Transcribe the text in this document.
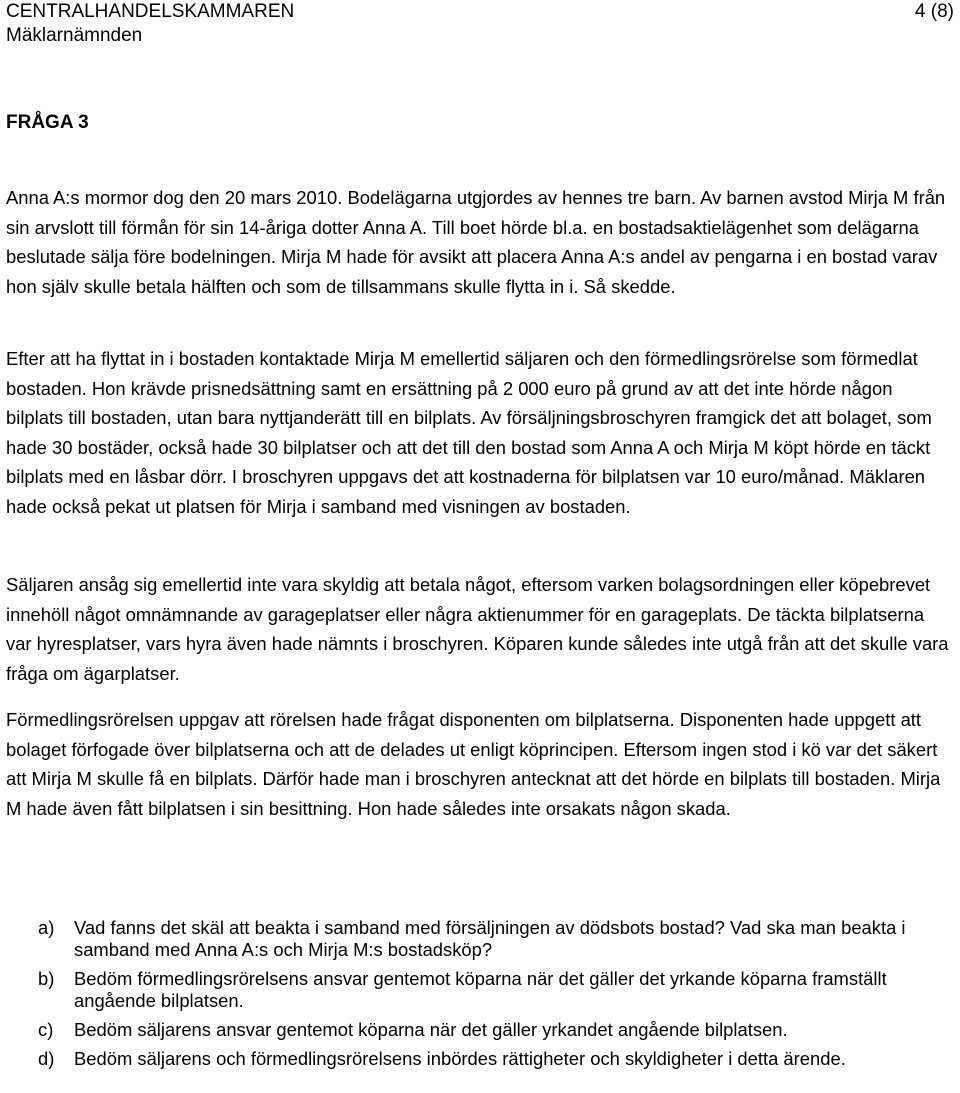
CENTRALHANDELSKAMMAREN
Mäklarnämnden
4 (8)
FRÅGA 3

Anna A:s mormor dog den 20 mars 2010. Bodelägarna utgjordes av hennes tre barn. Av barnen avstod Mirja M från sin arvslott till förmån för sin 14-åriga dotter Anna A. Till boet hörde bl.a. en bostadsaktielägenhet som delägarna beslutade sälja före bodelningen. Mirja M hade för avsikt att placera Anna A:s andel av pengarna i en bostad varav hon själv skulle betala hälften och som de tillsammans skulle flytta in i. Så skedde.

Efter att ha flyttat in i bostaden kontaktade Mirja M emellertid säljaren och den förmedlingsrörelse som förmedlat bostaden. Hon krävde prisnedsättning samt en ersättning på 2 000 euro på grund av att det inte hörde någon bilplats till bostaden, utan bara nyttjanderätt till en bilplats. Av försäljningsbroschyren framgick det att bolaget, som hade 30 bostäder, också hade 30 bilplatser och att det till den bostad som Anna A och Mirja M köpt hörde en täckt bilplats med en låsbar dörr. I broschyren uppgavs det att kostnaderna för bilplatsen var 10 euro/månad. Mäklaren hade också pekat ut platsen för Mirja i samband med visningen av bostaden.

Säljaren ansåg sig emellertid inte vara skyldig att betala något, eftersom varken bolagsordningen eller köpebrevet innehöll något omnämnande av garageplatser eller några aktienummer för en garageplats. De täckta bilplatserna var hyresplatser, vars hyra även hade nämnts i broschyren. Köparen kunde således inte utgå från att det skulle vara fråga om ägarplatser.

Förmedlingsrörelsen uppgav att rörelsen hade frågat disponenten om bilplatserna. Disponenten hade uppgett att bolaget förfogade över bilplatserna och att de delades ut enligt köprincipen. Eftersom ingen stod i kö var det säkert att Mirja M skulle få en bilplats. Därför hade man i broschyren antecknat att det hörde en bilplats till bostaden. Mirja M hade även fått bilplatsen i sin besittning. Hon hade således inte orsakats någon skada.

a) Vad fanns det skäl att beakta i samband med försäljningen av dödsbots bostad? Vad ska man beakta i samband med Anna A:s och Mirja M:s bostadsköp?
b) Bedöm förmedlingsrörelsens ansvar gentemot köparna när det gäller det yrkande köparna framställt angående bilplatsen.
c) Bedöm säljarens ansvar gentemot köparna när det gäller yrkandet angående bilplatsen.
d) Bedöm säljarens och förmedlingsrörelsens inbördes rättigheter och skyldigheter i detta ärende.
